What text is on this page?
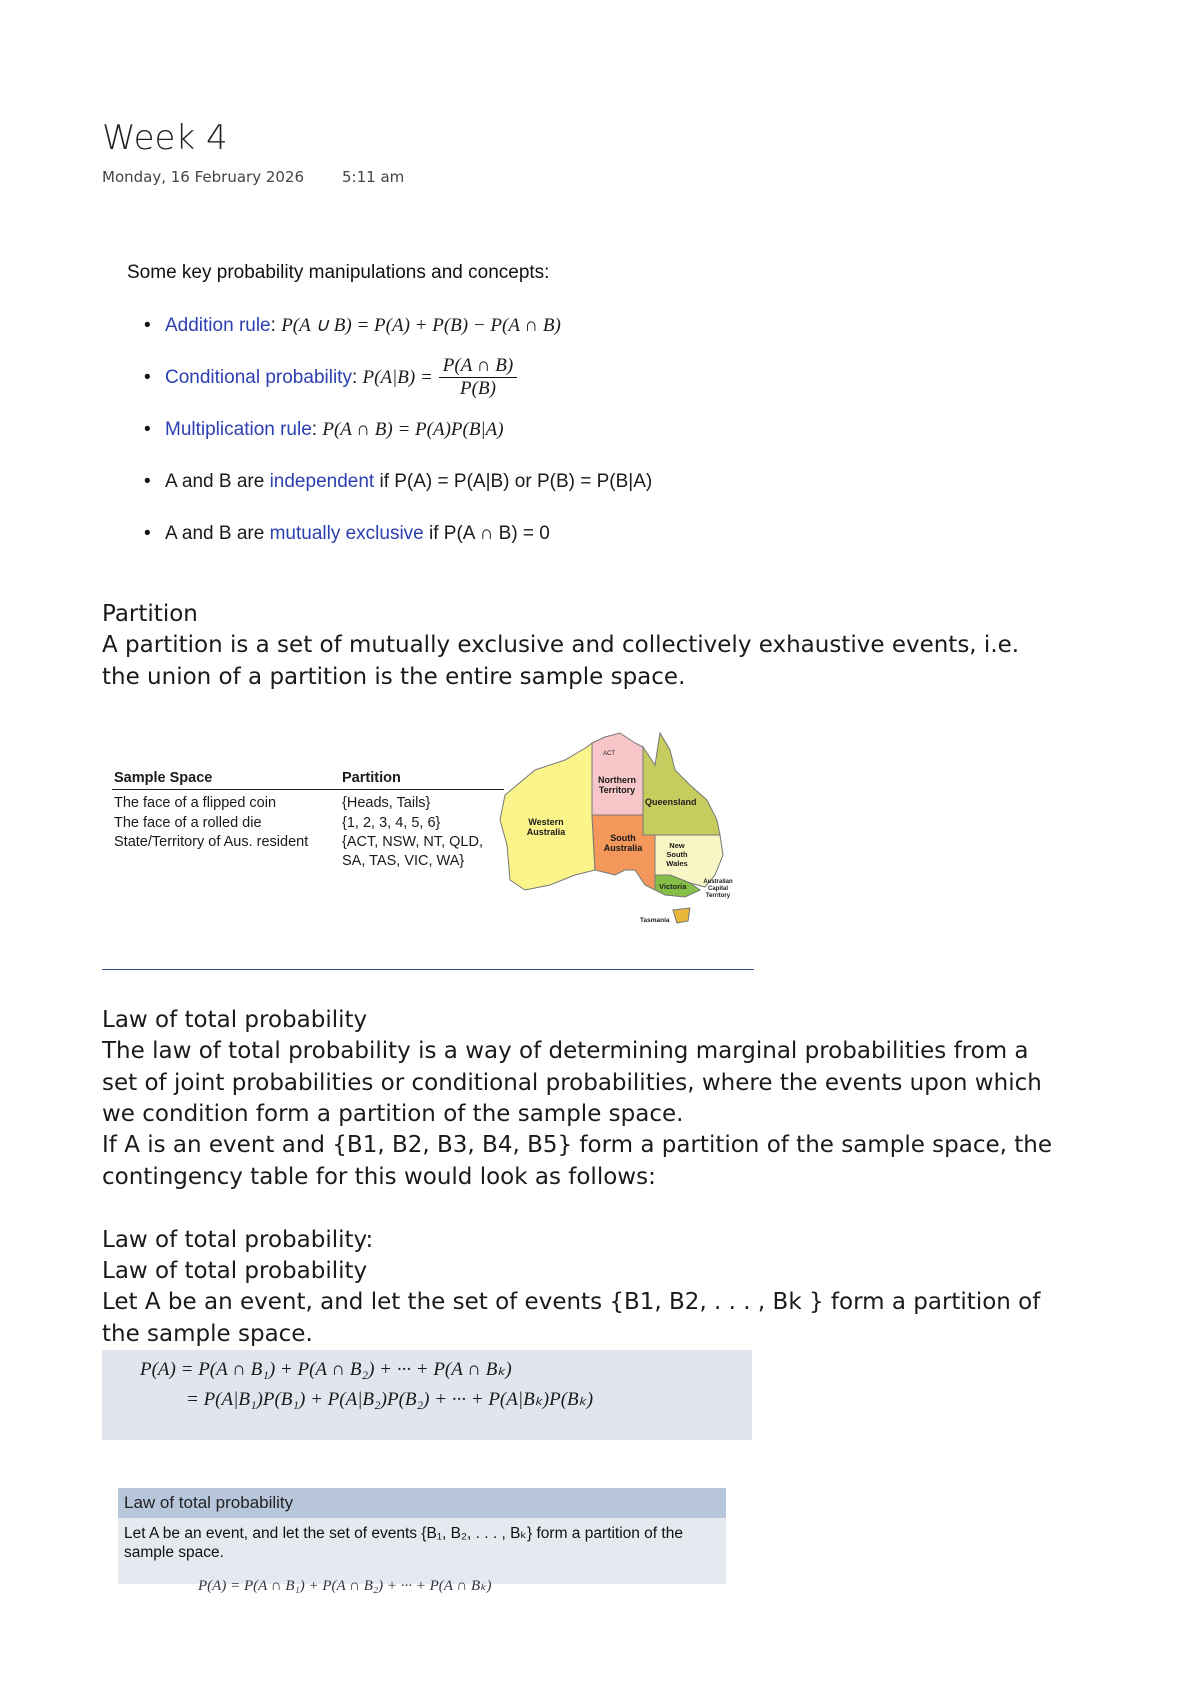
Week 4
Monday, 16 February 2026	5:11 am
Some key probability manipulations and concepts:
• Addition rule: P(A ∪ B) = P(A) + P(B) − P(A ∩ B)
• Conditional probability: $P(A|B) = \frac{P(A \cap B)}{P(B)}$
• Multiplication rule: P(A ∩ B) = P(A)P(B|A)
• A and B are independent if P(A) = P(A|B) or P(B) = P(B|A)
• A and B are mutually exclusive if P(A ∩ B) = 0
Partition
A partition is a set of mutually exclusive and collectively exhaustive events, i.e. the union of a partition is the entire sample space.
Sample Space	Partition
The face of a flipped coin	{Heads, Tails}
The face of a rolled die	{1, 2, 3, 4, 5, 6}
State/Territory of Aus. resident	{ACT, NSW, NT, QLD, SA, TAS, VIC, WA}
ACT
Western Australia
Northern Territory
Queensland
South Australia	New South Wales
Victoria	Australian Capital Territory
Tasmania
Law of total probability
The law of total probability is a way of determining marginal probabilities from a set of joint probabilities or conditional probabilities, where the events upon which we condition form a partition of the sample space.
If A is an event and {B1, B2, B3, B4, B5} form a partition of the sample space, the contingency table for this would look as follows:
Law of total probability:
Law of total probability
Let A be an event, and let the set of events {B1, B2, . . . , Bk } form a partition of the sample space.
P(A) = P(A ∩ B₁) + P(A ∩ B₂) + ··· + P(A ∩ Bₖ)
= P(A|B₁)P(B₁) + P(A|B₂)P(B₂) + ··· + P(A|Bₖ)P(Bₖ)
Law of total probability
Let A be an event, and let the set of events {B₁, B₂, . . . , Bₖ} form a partition of the sample space.
P(A) = P(A ∩ B₁) + P(A ∩ B₂) + ··· + P(A ∩ Bₖ)
